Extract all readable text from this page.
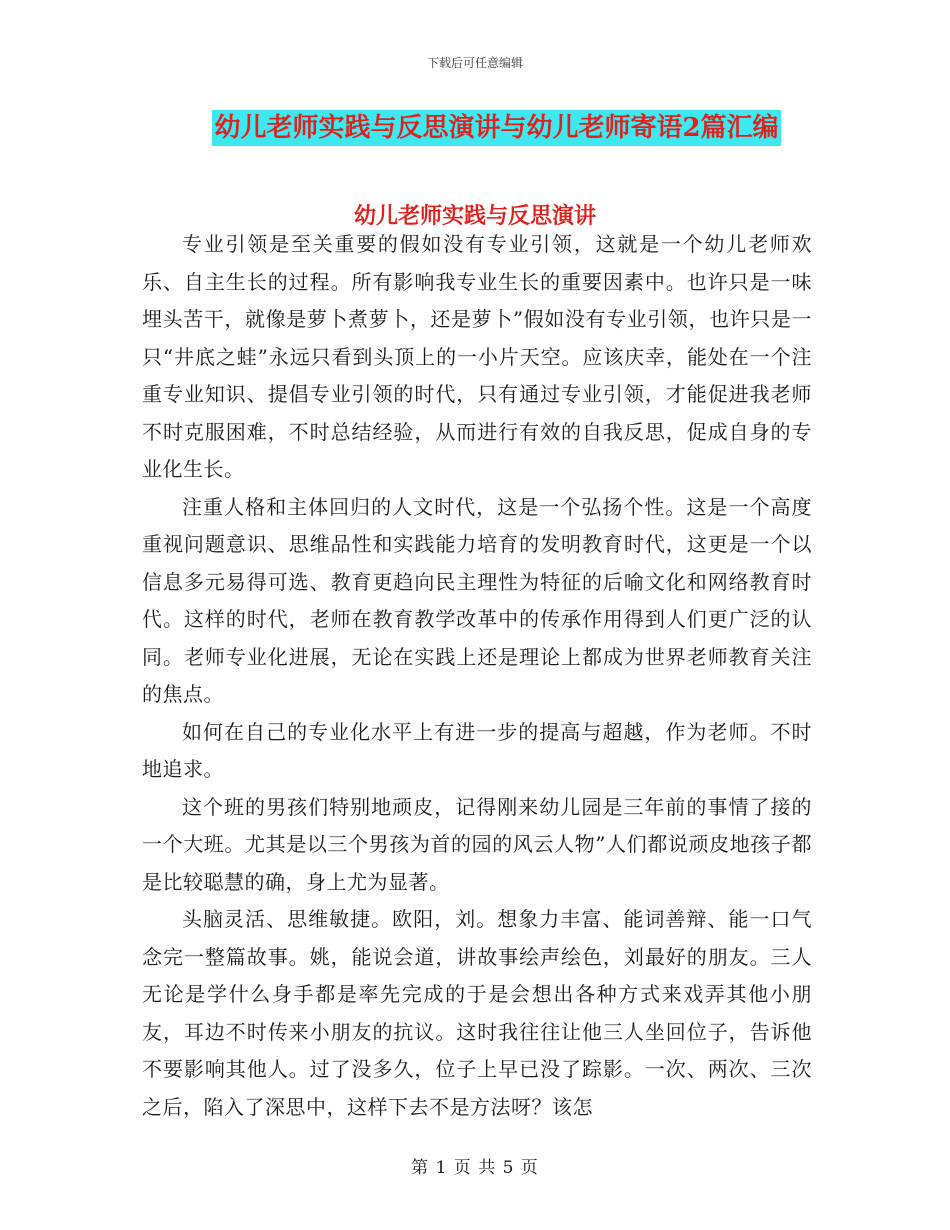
下载后可任意编辑
幼儿老师实践与反思演讲与幼儿老师寄语2篇汇编
幼儿老师实践与反思演讲

专业引领是至关重要的假如没有专业引领，这就是一个幼儿老师欢乐、自主生长的过程。所有影响我专业生长的重要因素中。也许只是一味埋头苦干，就像是萝卜煮萝卜，还是萝卜”假如没有专业引领，也许只是一只“井底之蛙”永远只看到头顶上的一小片天空。应该庆幸，能处在一个注重专业知识、提倡专业引领的时代，只有通过专业引领，才能促进我老师不时克服困难，不时总结经验，从而进行有效的自我反思，促成自身的专业化生长。

注重人格和主体回归的人文时代，这是一个弘扬个性。这是一个高度重视问题意识、思维品性和实践能力培育的发明教育时代，这更是一个以信息多元易得可选、教育更趋向民主理性为特征的后喻文化和网络教育时代。这样的时代，老师在教育教学改革中的传承作用得到人们更广泛的认同。老师专业化进展，无论在实践上还是理论上都成为世界老师教育关注的焦点。

如何在自己的专业化水平上有进一步的提高与超越，作为老师。不时地追求。

这个班的男孩们特别地顽皮，记得刚来幼儿园是三年前的事情了接的一个大班。尤其是以三个男孩为首的园的风云人物”人们都说顽皮地孩子都是比较聪慧的确，身上尤为显著。

头脑灵活、思维敏捷。欧阳，刘。想象力丰富、能词善辩、能一口气念完一整篇故事。姚，能说会道，讲故事绘声绘色，刘最好的朋友。三人无论是学什么身手都是率先完成的于是会想出各种方式来戏弄其他小朋友，耳边不时传来小朋友的抗议。这时我往往让他三人坐回位子，告诉他不要影响其他人。过了没多久，位子上早已没了踪影。一次、两次、三次之后，陷入了深思中，这样下去不是方法呀？该怎

第 1 页 共 5 页
